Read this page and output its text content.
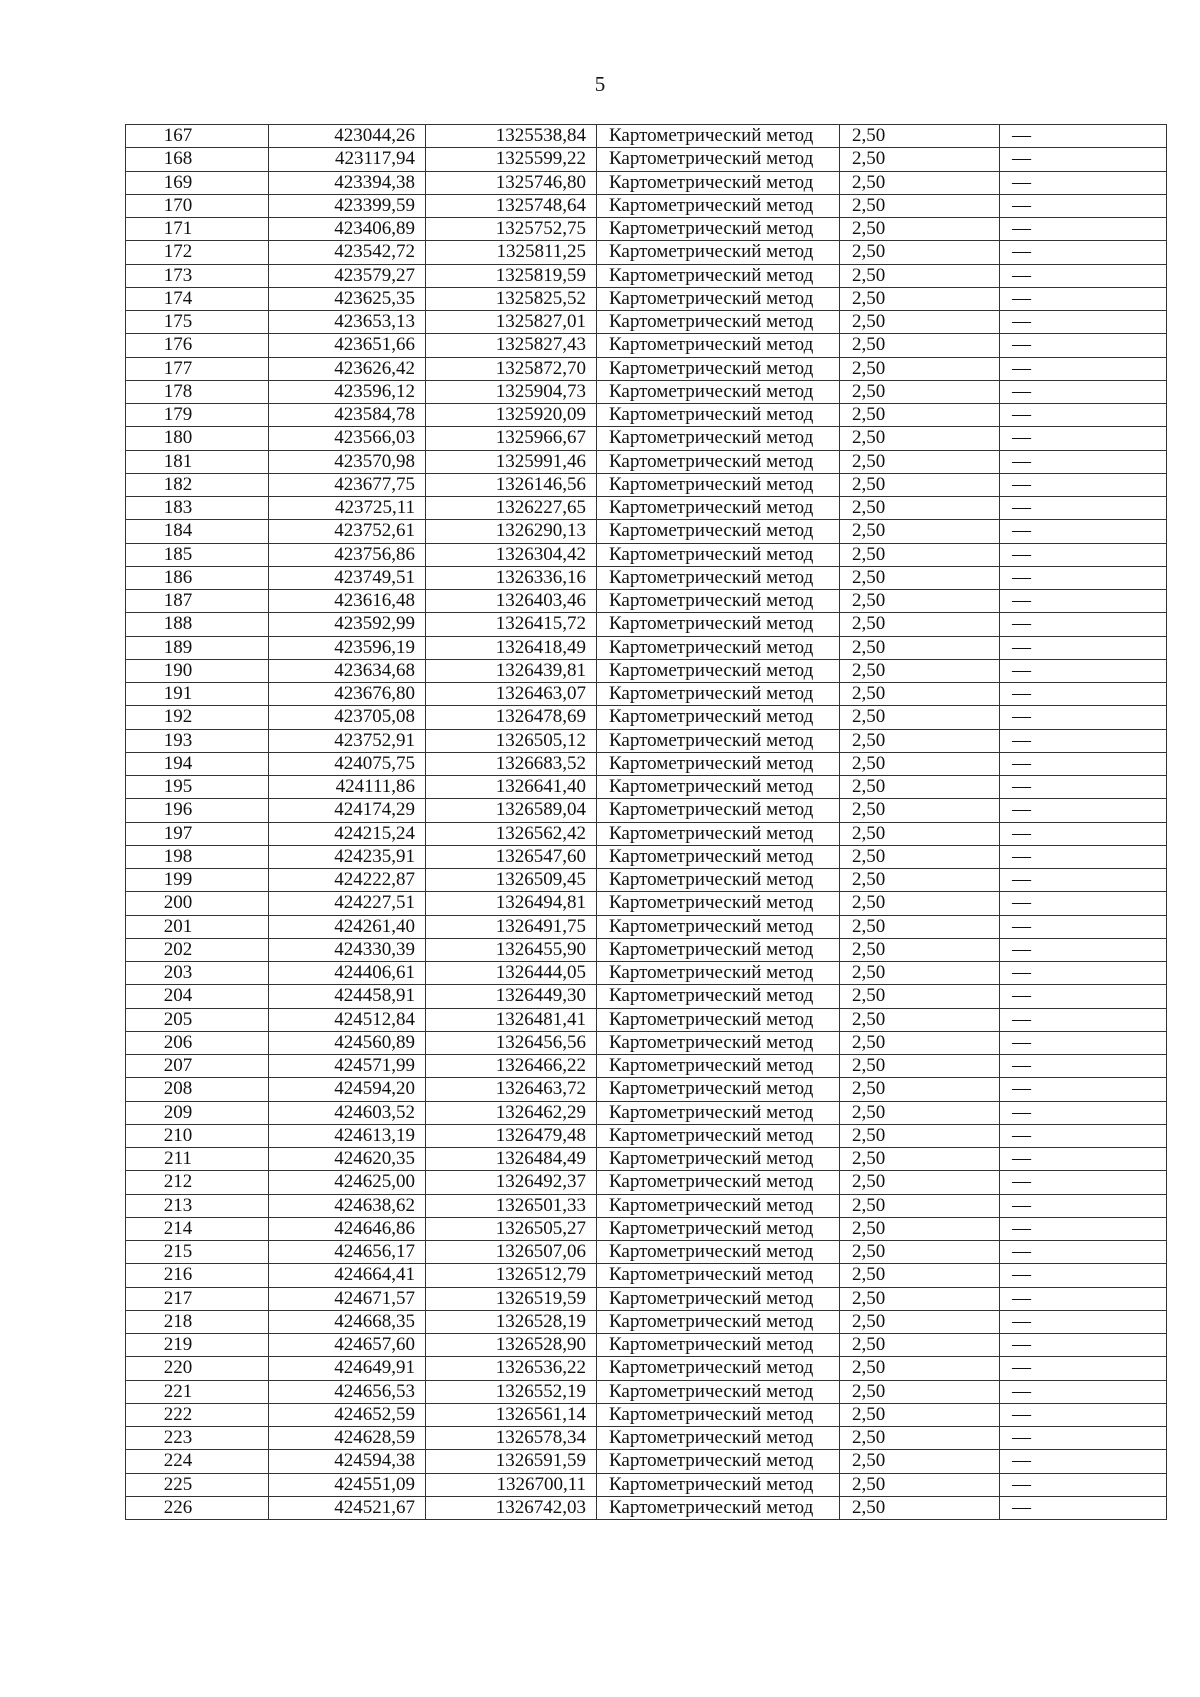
5
167	423044,26	1325538,84	Картометрический метод	2,50	—
168	423117,94	1325599,22	Картометрический метод	2,50	—
169	423394,38	1325746,80	Картометрический метод	2,50	—
170	423399,59	1325748,64	Картометрический метод	2,50	—
171	423406,89	1325752,75	Картометрический метод	2,50	—
172	423542,72	1325811,25	Картометрический метод	2,50	—
173	423579,27	1325819,59	Картометрический метод	2,50	—
174	423625,35	1325825,52	Картометрический метод	2,50	—
175	423653,13	1325827,01	Картометрический метод	2,50	—
176	423651,66	1325827,43	Картометрический метод	2,50	—
177	423626,42	1325872,70	Картометрический метод	2,50	—
178	423596,12	1325904,73	Картометрический метод	2,50	—
179	423584,78	1325920,09	Картометрический метод	2,50	—
180	423566,03	1325966,67	Картометрический метод	2,50	—
181	423570,98	1325991,46	Картометрический метод	2,50	—
182	423677,75	1326146,56	Картометрический метод	2,50	—
183	423725,11	1326227,65	Картометрический метод	2,50	—
184	423752,61	1326290,13	Картометрический метод	2,50	—
185	423756,86	1326304,42	Картометрический метод	2,50	—
186	423749,51	1326336,16	Картометрический метод	2,50	—
187	423616,48	1326403,46	Картометрический метод	2,50	—
188	423592,99	1326415,72	Картометрический метод	2,50	—
189	423596,19	1326418,49	Картометрический метод	2,50	—
190	423634,68	1326439,81	Картометрический метод	2,50	—
191	423676,80	1326463,07	Картометрический метод	2,50	—
192	423705,08	1326478,69	Картометрический метод	2,50	—
193	423752,91	1326505,12	Картометрический метод	2,50	—
194	424075,75	1326683,52	Картометрический метод	2,50	—
195	424111,86	1326641,40	Картометрический метод	2,50	—
196	424174,29	1326589,04	Картометрический метод	2,50	—
197	424215,24	1326562,42	Картометрический метод	2,50	—
198	424235,91	1326547,60	Картометрический метод	2,50	—
199	424222,87	1326509,45	Картометрический метод	2,50	—
200	424227,51	1326494,81	Картометрический метод	2,50	—
201	424261,40	1326491,75	Картометрический метод	2,50	—
202	424330,39	1326455,90	Картометрический метод	2,50	—
203	424406,61	1326444,05	Картометрический метод	2,50	—
204	424458,91	1326449,30	Картометрический метод	2,50	—
205	424512,84	1326481,41	Картометрический метод	2,50	—
206	424560,89	1326456,56	Картометрический метод	2,50	—
207	424571,99	1326466,22	Картометрический метод	2,50	—
208	424594,20	1326463,72	Картометрический метод	2,50	—
209	424603,52	1326462,29	Картометрический метод	2,50	—
210	424613,19	1326479,48	Картометрический метод	2,50	—
211	424620,35	1326484,49	Картометрический метод	2,50	—
212	424625,00	1326492,37	Картометрический метод	2,50	—
213	424638,62	1326501,33	Картометрический метод	2,50	—
214	424646,86	1326505,27	Картометрический метод	2,50	—
215	424656,17	1326507,06	Картометрический метод	2,50	—
216	424664,41	1326512,79	Картометрический метод	2,50	—
217	424671,57	1326519,59	Картометрический метод	2,50	—
218	424668,35	1326528,19	Картометрический метод	2,50	—
219	424657,60	1326528,90	Картометрический метод	2,50	—
220	424649,91	1326536,22	Картометрический метод	2,50	—
221	424656,53	1326552,19	Картометрический метод	2,50	—
222	424652,59	1326561,14	Картометрический метод	2,50	—
223	424628,59	1326578,34	Картометрический метод	2,50	—
224	424594,38	1326591,59	Картометрический метод	2,50	—
225	424551,09	1326700,11	Картометрический метод	2,50	—
226	424521,67	1326742,03	Картометрический метод	2,50	—
